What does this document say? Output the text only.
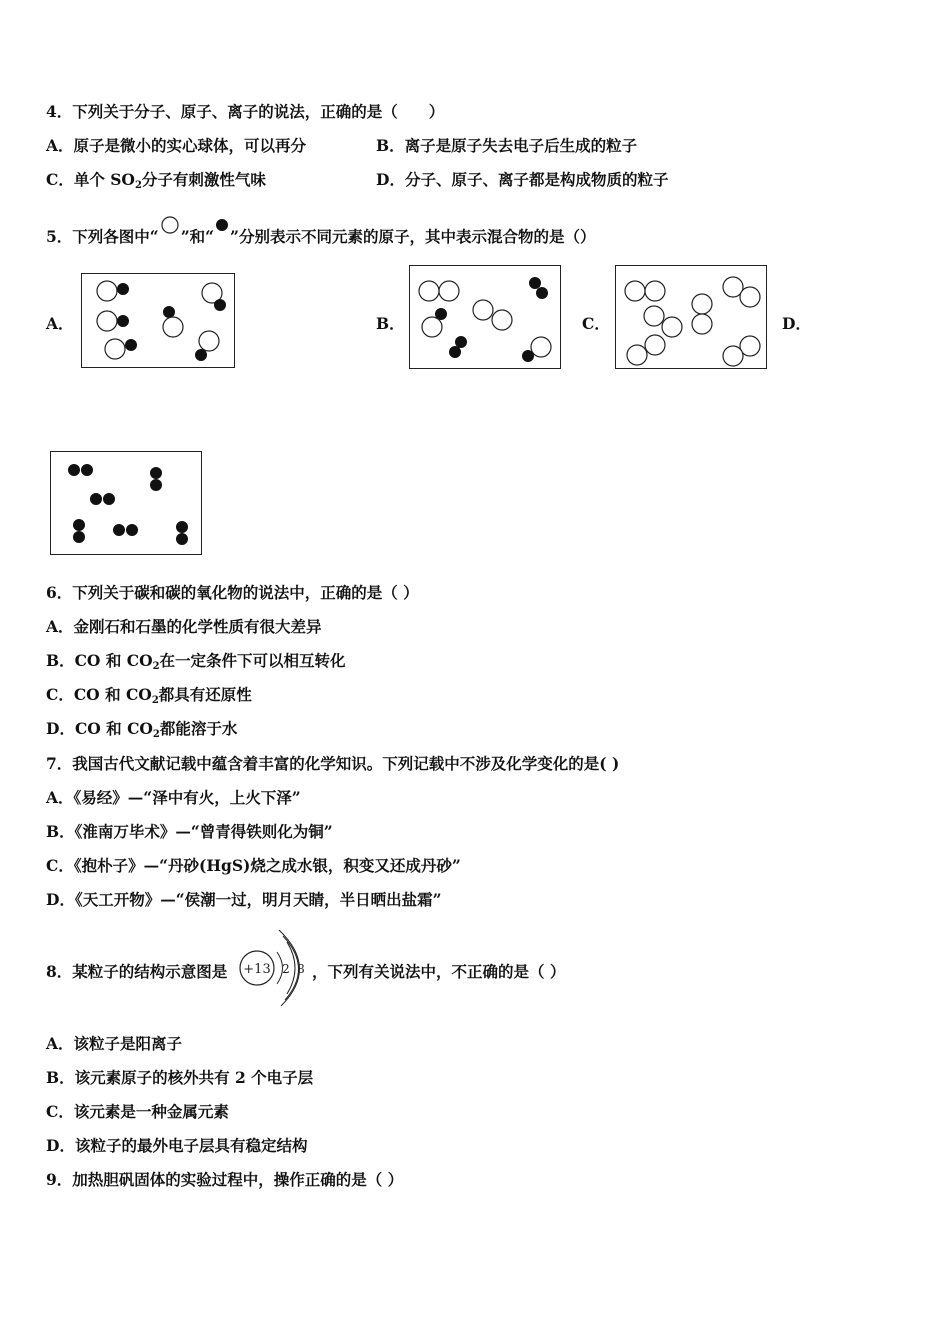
4．下列关于分子、原子、离子的说法，正确的是（　　）
A．原子是微小的实心球体，可以再分	B．离子是原子失去电子后生成的粒子
C．单个 $SO_2$分子有刺激性气味	D．分子、原子、离子都是构成物质的粒子
5．下列各图中“ ”和“ ”分别表示不同元素的原子，其中表示混合物的是（）
A．	B．	C．	D．
6．下列关于碳和碳的氧化物的说法中，正确的是（ ）
A．金刚石和石墨的化学性质有很大差异
B．CO 和 $CO_2$在一定条件下可以相互转化
C．CO 和 $CO_2$都具有还原性
D．CO 和 $CO_2$都能溶于水
7．我国古代文献记载中蕴含着丰富的化学知识。下列记载中不涉及化学变化的是( )
A．《易经》—“泽中有火，上火下泽”
B．《淮南万毕术》—“曾青得铁则化为铜”
C．《抱朴子》—“丹砂(HgS)烧之成水银，积变又还成丹砂”
D．《天工开物》—“侯潮一过，明月天睛，半日晒出盐霜”
8．某粒子的结构示意图是 +13 2 8 ，下列有关说法中，不正确的是（ ）
A．该粒子是阳离子
B．该元素原子的核外共有 2 个电子层
C．该元素是一种金属元素
D．该粒子的最外电子层具有稳定结构
9．加热胆矾固体的实验过程中，操作正确的是（ ）
